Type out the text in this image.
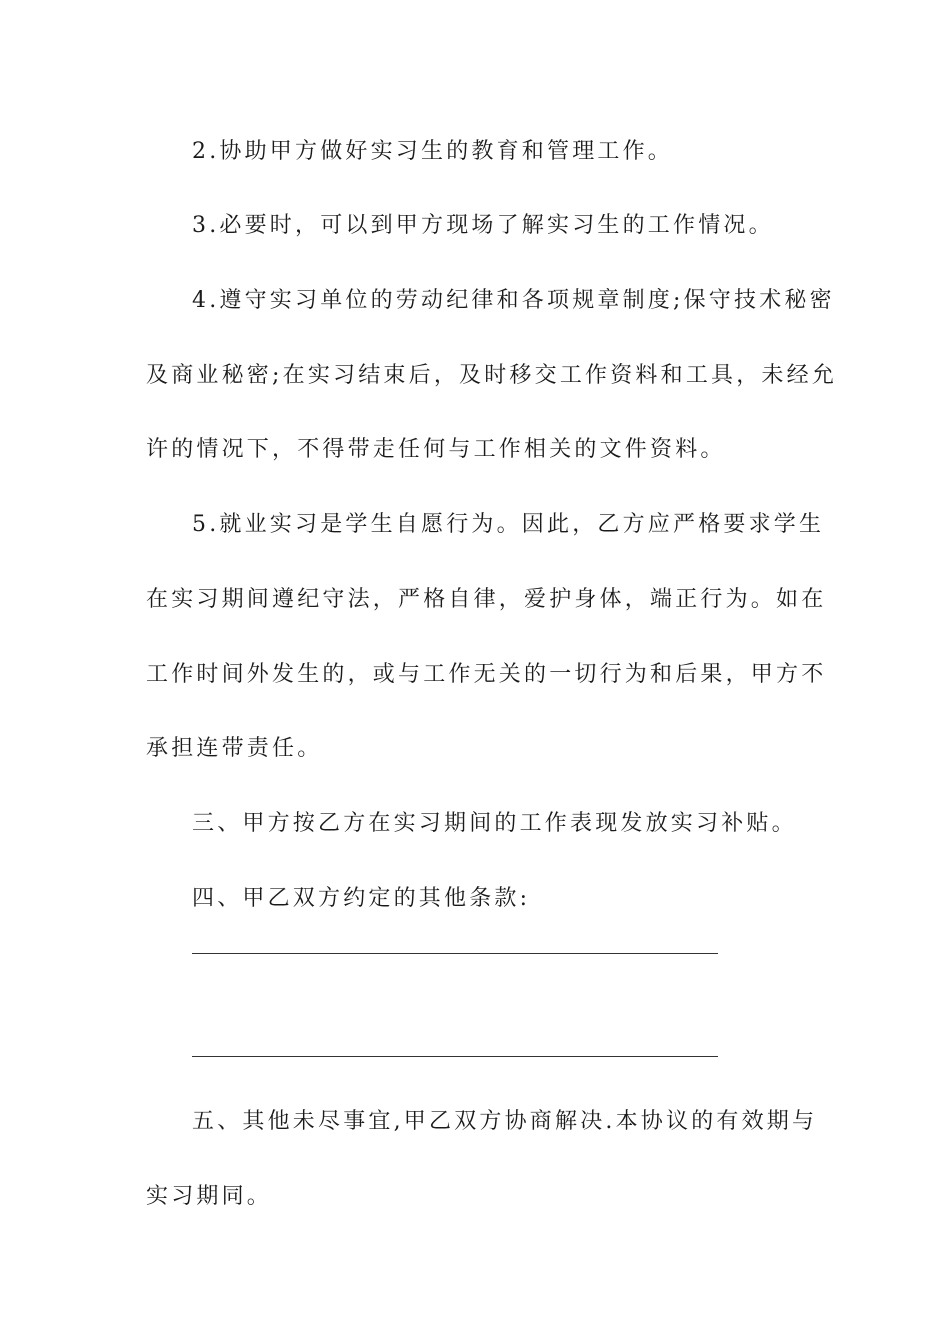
2.协助甲方做好实习生的教育和管理工作。
3.必要时，可以到甲方现场了解实习生的工作情况。
4.遵守实习单位的劳动纪律和各项规章制度;保守技术秘密
及商业秘密;在实习结束后，及时移交工作资料和工具，未经允
许的情况下，不得带走任何与工作相关的文件资料。
5.就业实习是学生自愿行为。因此，乙方应严格要求学生
在实习期间遵纪守法，严格自律，爱护身体，端正行为。如在
工作时间外发生的，或与工作无关的一切行为和后果，甲方不
承担连带责任。
三、甲方按乙方在实习期间的工作表现发放实习补贴。
四、甲乙双方约定的其他条款:
五、其他未尽事宜,甲乙双方协商解决.本协议的有效期与
实习期同。
